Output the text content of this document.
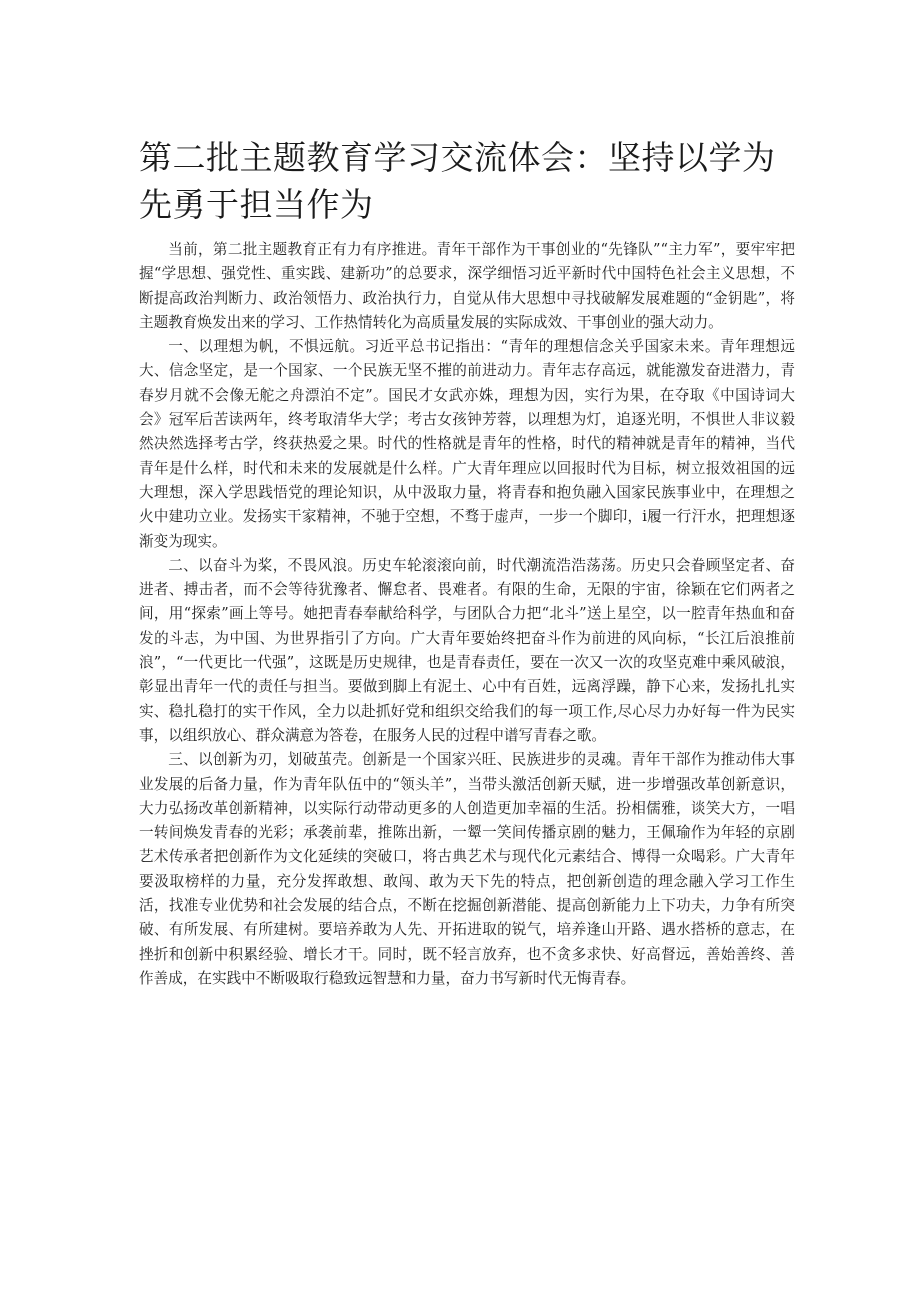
第二批主题教育学习交流体会：坚持以学为先勇于担当作为

当前，第二批主题教育正有力有序推进。青年干部作为干事创业的“先锋队”“主力军”，要牢牢把握“学思想、强党性、重实践、建新功”的总要求，深学细悟习近平新时代中国特色社会主义思想，不断提高政治判断力、政治领悟力、政治执行力，自觉从伟大思想中寻找破解发展难题的“金钥匙”，将主题教育焕发出来的学习、工作热情转化为高质量发展的实际成效、干事创业的强大动力。

一、以理想为帆，不惧远航。习近平总书记指出：“青年的理想信念关乎国家未来。青年理想远大、信念坚定，是一个国家、一个民族无坚不摧的前进动力。青年志存高远，就能激发奋进潜力，青春岁月就不会像无舵之舟漂泊不定”。国民才女武亦姝，理想为因，实行为果，在夺取《中国诗词大会》冠军后苦读两年，终考取清华大学；考古女孩钟芳蓉，以理想为灯，追逐光明，不惧世人非议毅然决然选择考古学，终获热爱之果。时代的性格就是青年的性格，时代的精神就是青年的精神，当代青年是什么样，时代和未来的发展就是什么样。广大青年理应以回报时代为目标，树立报效祖国的远大理想，深入学思践悟党的理论知识，从中汲取力量，将青春和抱负融入国家民族事业中，在理想之火中建功立业。发扬实干家精神，不驰于空想，不骛于虚声，一步一个脚印，i履一行汗水，把理想逐渐变为现实。

二、以奋斗为桨，不畏风浪。历史车轮滚滚向前，时代潮流浩浩荡荡。历史只会眷顾坚定者、奋进者、搏击者，而不会等待犹豫者、懈怠者、畏难者。有限的生命，无限的宇宙，徐颖在它们两者之间，用“探索”画上等号。她把青春奉献给科学，与团队合力把“北斗”送上星空，以一腔青年热血和奋发的斗志，为中国、为世界指引了方向。广大青年要始终把奋斗作为前进的风向标，“长江后浪推前浪”，“一代更比一代强”，这既是历史规律，也是青春责任，要在一次又一次的攻坚克难中乘风破浪，彰显出青年一代的责任与担当。要做到脚上有泥土、心中有百姓，远离浮躁，静下心来，发扬扎扎实实、稳扎稳打的实干作风，全力以赴抓好党和组织交给我们的每一项工作,尽心尽力办好每一件为民实事，以组织放心、群众满意为答卷，在服务人民的过程中谱写青春之歌。

三、以创新为刃，划破茧壳。创新是一个国家兴旺、民族进步的灵魂。青年干部作为推动伟大事业发展的后备力量，作为青年队伍中的“领头羊”，当带头激活创新天赋，进一步增强改革创新意识，大力弘扬改革创新精神，以实际行动带动更多的人创造更加幸福的生活。扮相儒雅，谈笑大方，一唱一转间焕发青春的光彩；承袭前辈，推陈出新，一颦一笑间传播京剧的魅力，王佩瑜作为年轻的京剧艺术传承者把创新作为文化延续的突破口，将古典艺术与现代化元素结合、博得一众喝彩。广大青年要汲取榜样的力量，充分发挥敢想、敢闯、敢为天下先的特点，把创新创造的理念融入学习工作生活，找准专业优势和社会发展的结合点，不断在挖掘创新潜能、提高创新能力上下功夫，力争有所突破、有所发展、有所建树。要培养敢为人先、开拓进取的锐气，培养逢山开路、遇水搭桥的意志，在挫折和创新中积累经验、增长才干。同时，既不轻言放弃，也不贪多求快、好高督远，善始善终、善作善成，在实践中不断吸取行稳致远智慧和力量，奋力书写新时代无悔青春。
